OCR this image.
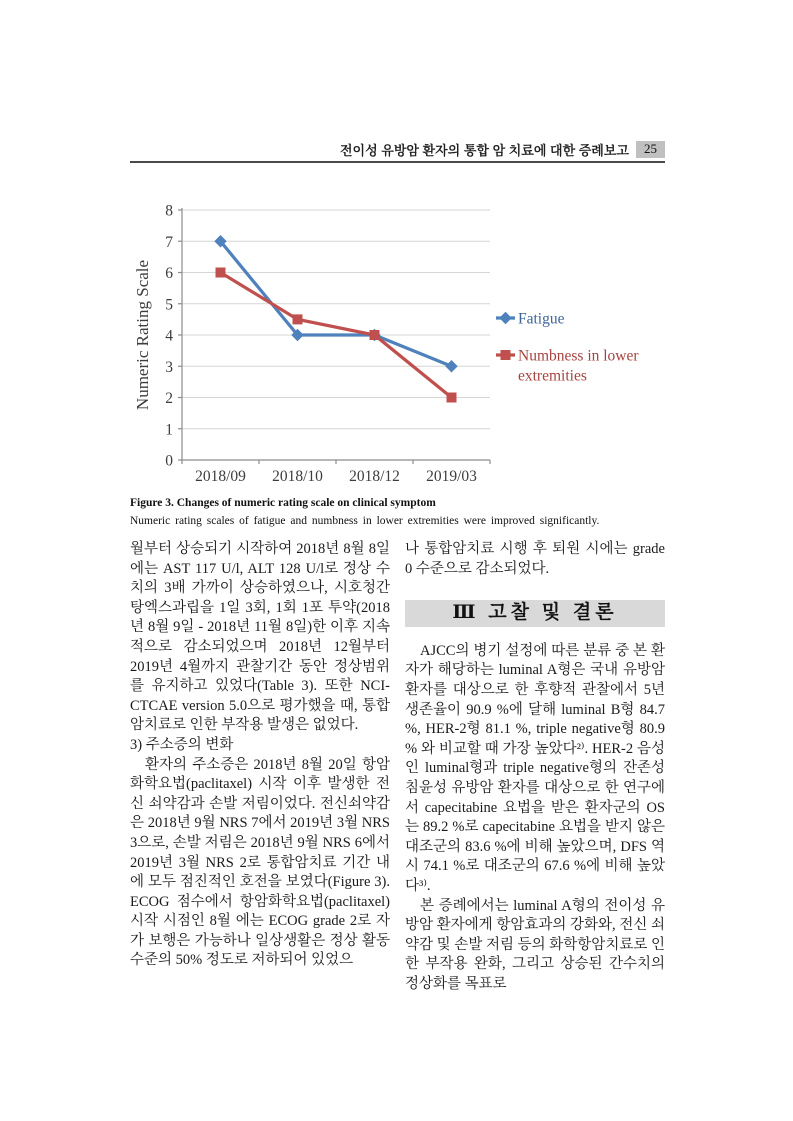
전이성 유방암 환자의 통합 암 치료에 대한 증례보고	25
0
1
2
3
4
5
6
7
8
2018/09 2018/10 2018/12 2019/03
Numeric Rating Scale	Fatigue
Numbness in lower
extremities
Figure 3. Changes of numeric rating scale on clinical symptom
Numeric rating scales of fatigue and numbness in lower extremities were improved significantly.

월부터 상승되기 시작하여 2018년 8월 8일에는 AST 117 U/l, ALT 128 U/l로 정상 수치의 3배 가까이 상승하였으나, 시호청간탕엑스과립을 1일 3회, 1회 1포 투약(2018년 8월 9일 - 2018년 11월 8일)한 이후 지속적으로 감소되었으며 2018년 12월부터 2019년 4월까지 관찰기간 동안 정상범위를 유지하고 있었다(Table 3). 또한 NCI-CTCAE version 5.0으로 평가했을 때, 통합 암치료로 인한 부작용 발생은 없었다.

3) 주소증의 변화

환자의 주소증은 2018년 8월 20일 항암화학요법(paclitaxel) 시작 이후 발생한 전신 쇠약감과 손발 저림이었다. 전신쇠약감은 2018년 9월 NRS 7에서 2019년 3월 NRS 3으로, 손발 저림은 2018년 9월 NRS 6에서 2019년 3월 NRS 2로 통합암치료 기간 내에 모두 점진적인 호전을 보였다(Figure 3). ECOG 점수에서 항암화학요법(paclitaxel) 시작 시점인 8월 에는 ECOG grade 2로 자가 보행은 가능하나 일상생활은 정상 활동 수준의 50% 정도로 저하되어 있었으

나 통합암치료 시행 후 퇴원 시에는 grade 0 수준으로 감소되었다.

Ⅲ 고찰 및 결론

AJCC의 병기 설정에 따른 분류 중 본 환자가 해당하는 luminal A형은 국내 유방암 환자를 대상으로 한 후향적 관찰에서 5년 생존율이 90.9 %에 달해 luminal B형 84.7 %, HER-2형 81.1 %, triple negative형 80.9 % 와 비교할 때 가장 높았다²⁾. HER-2 음성인 luminal형과 triple negative형의 잔존성 침윤성 유방암 환자를 대상으로 한 연구에서 capecitabine 요법을 받은 환자군의 OS는 89.2 %로 capecitabine 요법을 받지 않은 대조군의 83.6 %에 비해 높았으며, DFS 역시 74.1 %로 대조군의 67.6 %에 비해 높았다³⁾.

본 증례에서는 luminal A형의 전이성 유방암 환자에게 항암효과의 강화와, 전신 쇠약감 및 손발 저림 등의 화학항암치료로 인한 부작용 완화, 그리고 상승된 간수치의 정상화를 목표로
